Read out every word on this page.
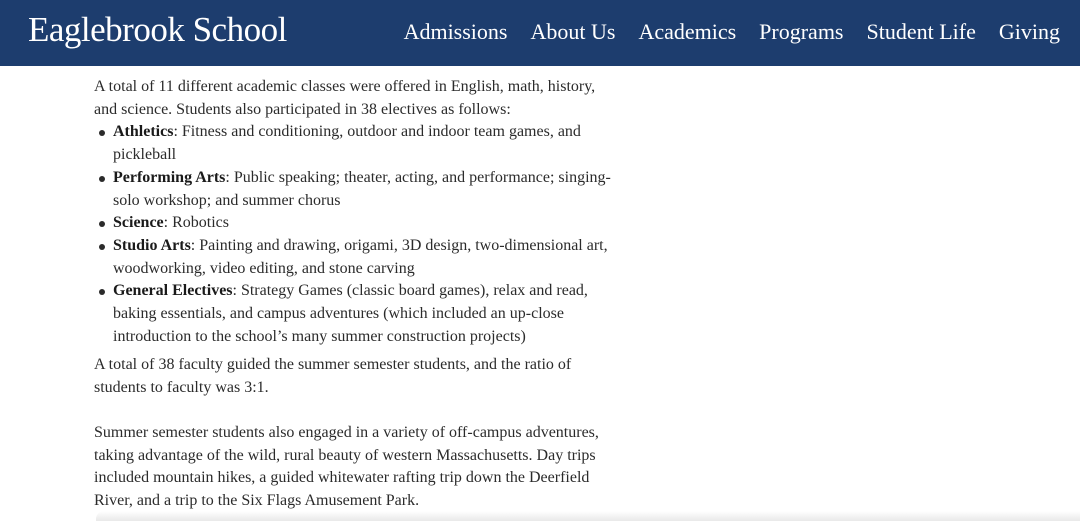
Eaglebrook School	Admissions About Us Academics Programs Student Life Giving

A total of 11 different academic classes were offered in English, math, history, and science. Students also participated in 38 electives as follows:

Athletics: Fitness and conditioning, outdoor and indoor team games, and pickleball
Performing Arts: Public speaking; theater, acting, and performance; singing-solo workshop; and summer chorus
Science: Robotics
Studio Arts: Painting and drawing, origami, 3D design, two-dimensional art, woodworking, video editing, and stone carving
General Electives: Strategy Games (classic board games), relax and read, baking essentials, and campus adventures (which included an up-close introduction to the school’s many summer construction projects)

A total of 38 faculty guided the summer semester students, and the ratio of students to faculty was 3:1.

Summer semester students also engaged in a variety of off-campus adventures, taking advantage of the wild, rural beauty of western Massachusetts. Day trips included mountain hikes, a guided whitewater rafting trip down the Deerfield River, and a trip to the Six Flags Amusement Park.
